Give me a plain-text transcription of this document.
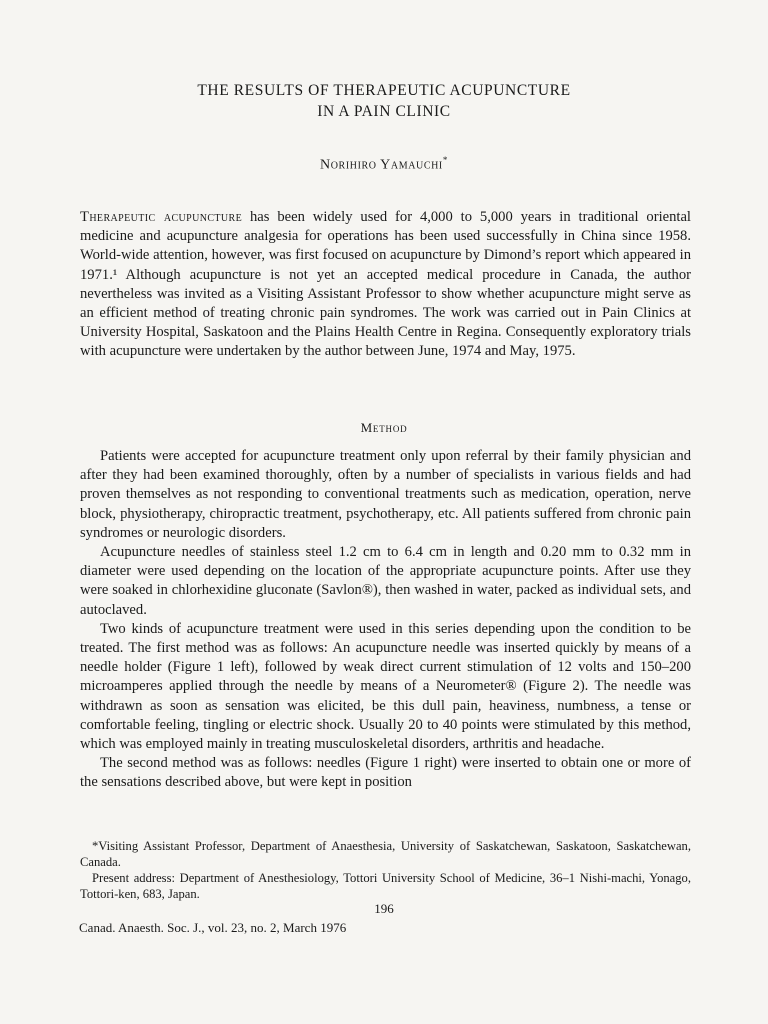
THE RESULTS OF THERAPEUTIC ACUPUNCTURE
IN A PAIN CLINIC
Norihiro Yamauchi*

Therapeutic acupuncture has been widely used for 4,000 to 5,000 years in traditional oriental medicine and acupuncture analgesia for operations has been used successfully in China since 1958. World-wide attention, however, was first focused on acupuncture by Dimond’s report which appeared in 1971.¹ Although acupuncture is not yet an accepted medical procedure in Canada, the author nevertheless was invited as a Visiting Assistant Professor to show whether acupuncture might serve as an efficient method of treating chronic pain syndromes. The work was carried out in Pain Clinics at University Hospital, Saskatoon and the Plains Health Centre in Regina. Consequently exploratory trials with acupuncture were undertaken by the author between June, 1974 and May, 1975.

Method

Patients were accepted for acupuncture treatment only upon referral by their family physician and after they had been examined thoroughly, often by a number of specialists in various fields and had proven themselves as not responding to conventional treatments such as medication, operation, nerve block, physiotherapy, chiropractic treatment, psychotherapy, etc. All patients suffered from chronic pain syndromes or neurologic disorders.

Acupuncture needles of stainless steel 1.2 cm to 6.4 cm in length and 0.20 mm to 0.32 mm in diameter were used depending on the location of the appropriate acupuncture points. After use they were soaked in chlorhexidine gluconate (Savlon®), then washed in water, packed as individual sets, and autoclaved.

Two kinds of acupuncture treatment were used in this series depending upon the condition to be treated. The first method was as follows: An acupuncture needle was inserted quickly by means of a needle holder (Figure 1 left), followed by weak direct current stimulation of 12 volts and 150–200 microamperes applied through the needle by means of a Neurometer® (Figure 2). The needle was withdrawn as soon as sensation was elicited, be this dull pain, heaviness, numbness, a tense or comfortable feeling, tingling or electric shock. Usually 20 to 40 points were stimulated by this method, which was employed mainly in treating musculoskeletal disorders, arthritis and headache.

The second method was as follows: needles (Figure 1 right) were inserted to obtain one or more of the sensations described above, but were kept in position

*Visiting Assistant Professor, Department of Anaesthesia, University of Saskatchewan, Saskatoon, Saskatchewan, Canada.

Present address: Department of Anesthesiology, Tottori University School of Medicine, 36–1 Nishi-machi, Yonago, Tottori-ken, 683, Japan.

196
Canad. Anaesth. Soc. J., vol. 23, no. 2, March 1976
